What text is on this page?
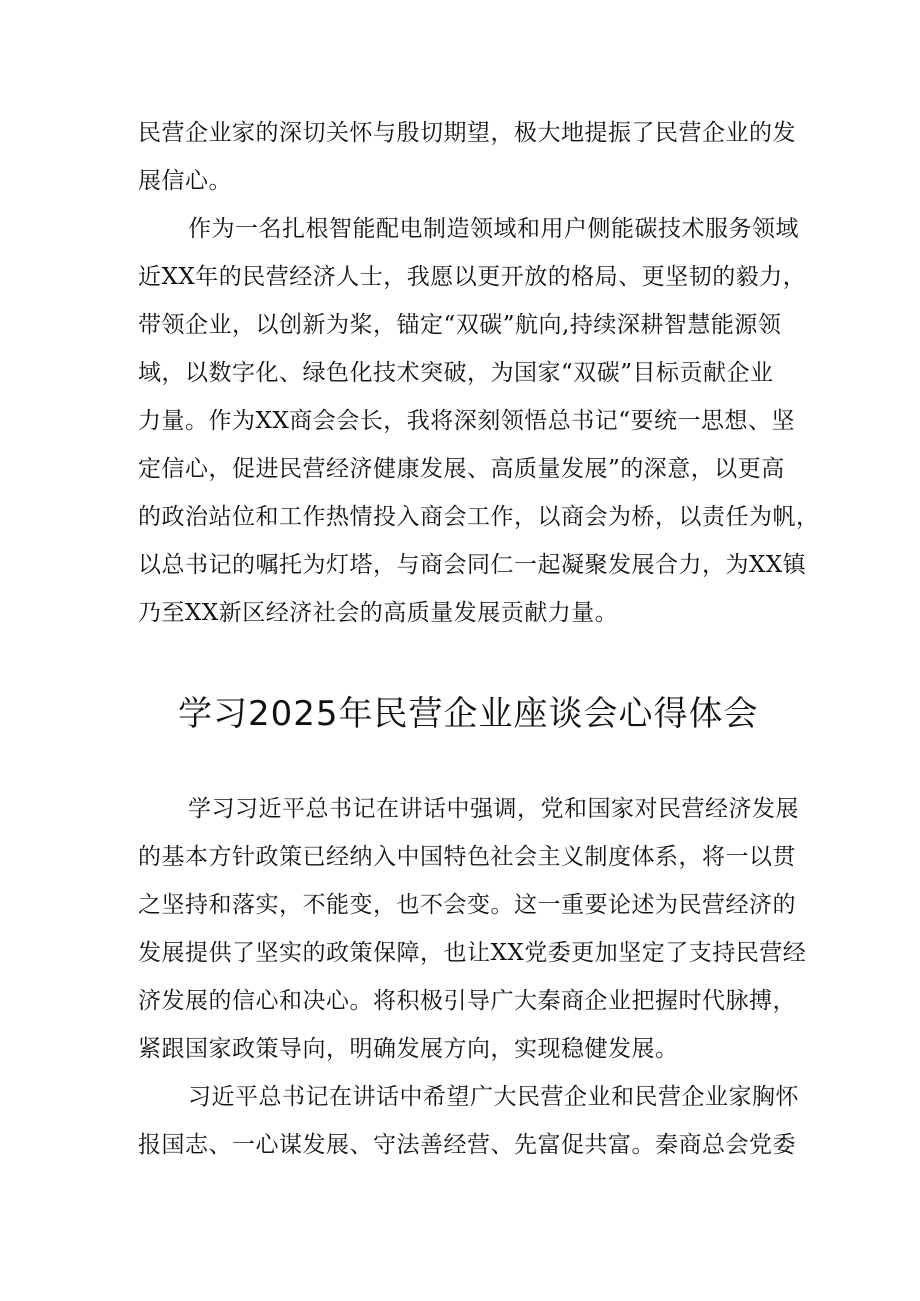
民营企业家的深切关怀与殷切期望，极大地提振了民营企业的发
展信心。
作为一名扎根智能配电制造领域和用户侧能碳技术服务领域
近XX年的民营经济人士，我愿以更开放的格局、更坚韧的毅力，
带领企业，以创新为桨，锚定“双碳”航向,持续深耕智慧能源领
域，以数字化、绿色化技术突破，为国家“双碳”目标贡献企业
力量。作为XX商会会长，我将深刻领悟总书记“要统一思想、坚
定信心，促进民营经济健康发展、高质量发展”的深意，以更高
的政治站位和工作热情投入商会工作，以商会为桥，以责任为帆，
以总书记的嘱托为灯塔，与商会同仁一起凝聚发展合力，为XX镇
乃至XX新区经济社会的高质量发展贡献力量。
学习2025年民营企业座谈会心得体会
学习习近平总书记在讲话中强调，党和国家对民营经济发展
的基本方针政策已经纳入中国特色社会主义制度体系，将一以贯
之坚持和落实，不能变，也不会变。这一重要论述为民营经济的
发展提供了坚实的政策保障，也让XX党委更加坚定了支持民营经
济发展的信心和决心。将积极引导广大秦商企业把握时代脉搏，
紧跟国家政策导向，明确发展方向，实现稳健发展。
习近平总书记在讲话中希望广大民营企业和民营企业家胸怀
报国志、一心谋发展、守法善经营、先富促共富。秦商总会党委
